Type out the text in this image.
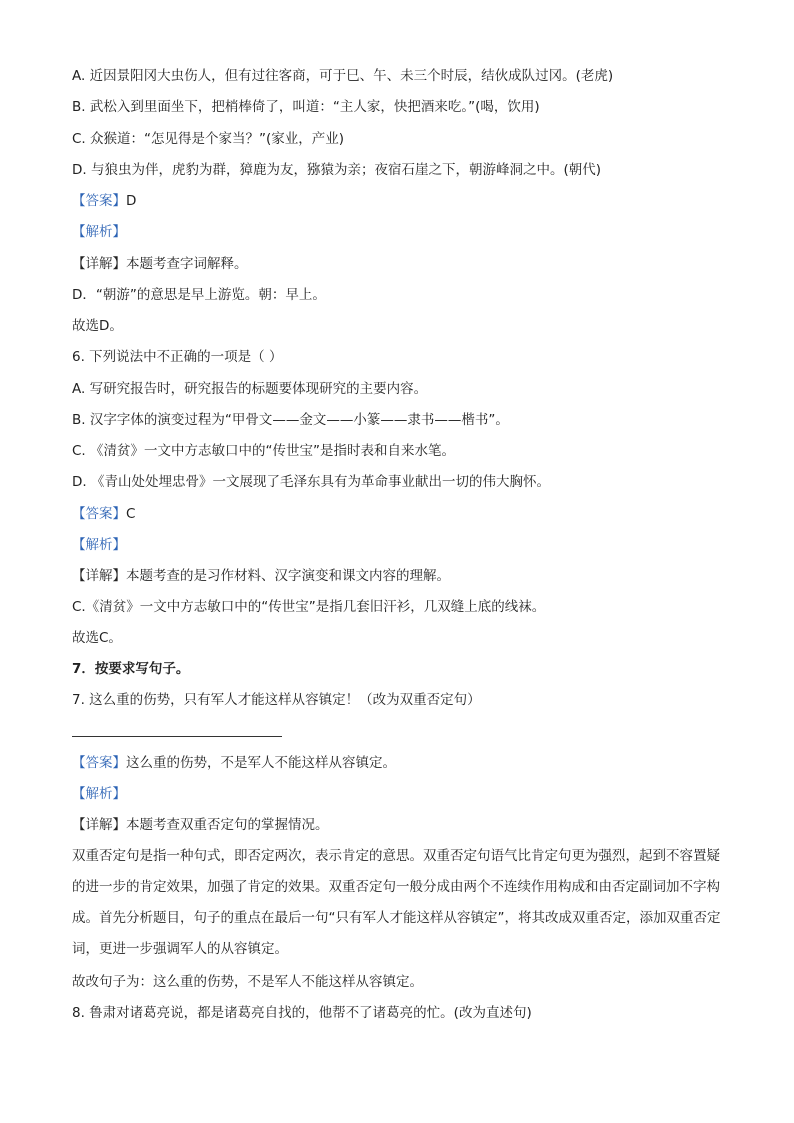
A. 近因景阳冈大虫伤人，但有过往客商，可于巳、午、未三个时辰，结伙成队过冈。(老虎)
B. 武松入到里面坐下，把梢棒倚了，叫道：“主人家，快把酒来吃。”(喝，饮用)
C. 众猴道：“怎见得是个家当？”(家业，产业)
D. 与狼虫为伴，虎豹为群，獐鹿为友，猕猿为亲；夜宿石崖之下，朝游峰洞之中。(朝代)
【答案】D
【解析】
【详解】本题考查字词解释。
D．“朝游”的意思是早上游览。朝：早上。
故选D。
6. 下列说法中不正确的一项是（ ）
A. 写研究报告时，研究报告的标题要体现研究的主要内容。
B. 汉字字体的演变过程为“甲骨文——金文——小篆——隶书——楷书”。
C. 《清贫》一文中方志敏口中的“传世宝”是指时表和自来水笔。
D. 《青山处处埋忠骨》一文展现了毛泽东具有为革命事业献出一切的伟大胸怀。
【答案】C
【解析】
【详解】本题考查的是习作材料、汉字演变和课文内容的理解。
C.《清贫》一文中方志敏口中的“传世宝”是指几套旧汗衫，几双缝上底的线袜。
故选C。
7．按要求写句子。
7. 这么重的伤势，只有军人才能这样从容镇定！（改为双重否定句）
【答案】这么重的伤势，不是军人不能这样从容镇定。
【解析】
【详解】本题考查双重否定句的掌握情况。
双重否定句是指一种句式，即否定两次，表示肯定的意思。双重否定句语气比肯定句更为强烈，起到不容置疑的进一步的肯定效果，加强了肯定的效果。双重否定句一般分成由两个不连续作用构成和由否定副词加不字构成。首先分析题目，句子的重点在最后一句“只有军人才能这样从容镇定”，将其改成双重否定，添加双重否定词，更进一步强调军人的从容镇定。
故改句子为：这么重的伤势，不是军人不能这样从容镇定。
8. 鲁肃对诸葛亮说，都是诸葛亮自找的，他帮不了诸葛亮的忙。(改为直述句)
